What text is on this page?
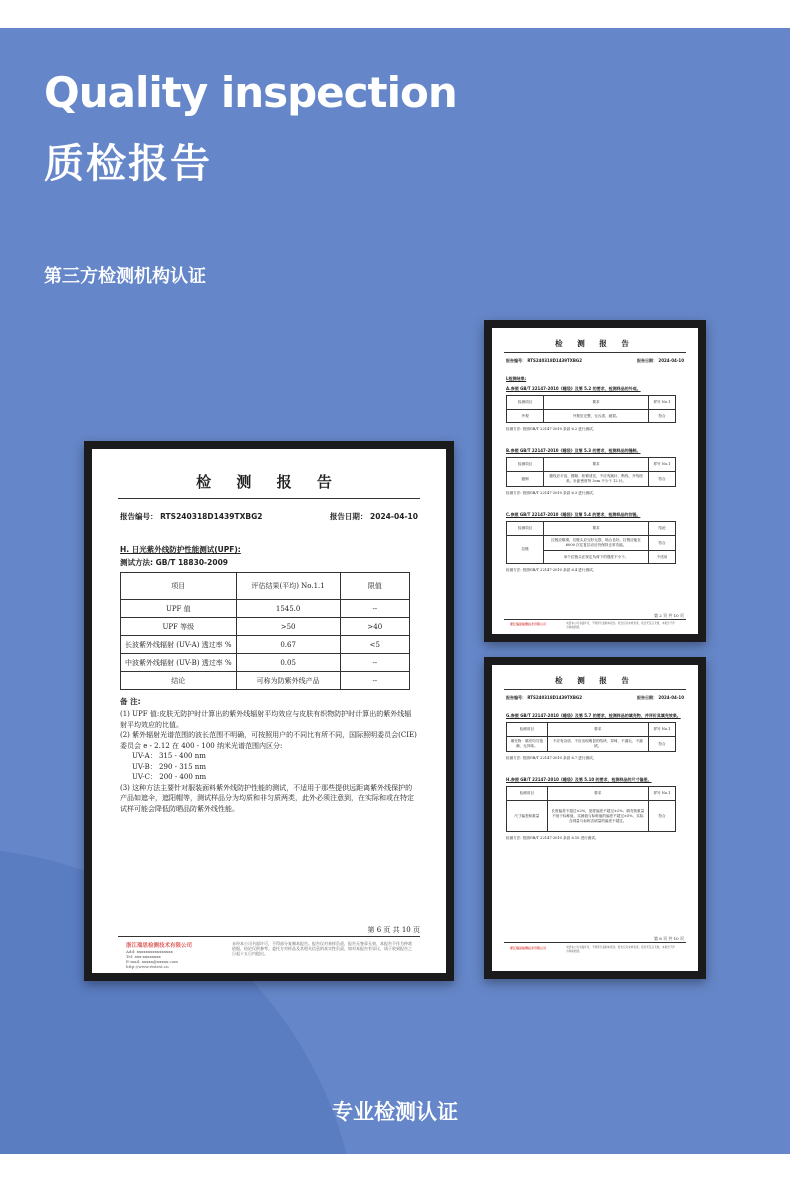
Quality inspection
质检报告
第三方检测机构认证
检 测 报 告
报告编号： RTS240318D1439TXBG2	报告日期： 2024-04-10
H. 日光紫外线防护性能测试(UPF):
测试方法: GB/T 18830-2009
项目	评估结果(平均) No.1.1	限值
UPF 值	1545.0	--
UPF 等级	>50	>40
长波紫外线辐射 (UV-A) 透过率 %	0.67	<5
中波紫外线辐射 (UV-B) 透过率 %	0.05	--
结论	可称为防紫外线产品	--
备 注:
(1) UPF 值:皮肤无防护时计算出的紫外线辐射平均效应与皮肤有织物防护时计算出的紫外线辐射平均效应的比值。
(2) 紫外辐射光谱范围的波长范围不明确，可按照用户的不同比有所不同，国际照明委员会(CIE)委员会 e - 2.12 在 400 - 100 纳米光谱范围内区分:
UV-A： 315 - 400 nm
UV-B： 290 - 315 nm
UV-C： 200 - 400 nm
(3) 这种方法主要针对服装面料紫外线防护性能的测试，不适用于那些提供远距离紫外线保护的产品如遮伞，遮阳帽等，测试样品分为均质和非匀质两类，此外必须注意到，在实际和或在特定试样可能会降低防晒品防紫外线性能。
第 6 页 共 10 页
浙江瑞思检测技术有限公司
Add: xxxxxxxxxxxxxxxx
Tel: xxx-xxxxxxxx
E-mail: xxxxx@xxxxx.com
http://www.rtstest.cn
未经本公司书面许可，不得部分复制本报告。报告仅对来样负责，报告无签章无效，本报告不作为仲裁依据，结论仅供参考。委托方对样品及其相关信息的真实性负责，如对本报告有异议，请于收到报告之日起十五日内提出。
检 测 报 告
报告编号： RTS240318D1439TXBG2	报告日期： 2024-04-10
L检测结果:
A.参照 GB/T 22147-2010《睡袋》及第 5.2 的要求，检测样品的外观。
检测项目	要求	样号 No.1
外观	外观应完整，无污渍、破损。	符合
检测方法: 按照GB/T 22147-2010 条款 6.2 进行测试。
B.参照 GB/T 22147-2010《睡袋》及第 5.3 的要求，检测样品的缝制。
检测项目	要求	样号 No.1
缝制	缝线应平直、圆顺、松紧适宜，不应有跳针、断线、开线现象。针距密度每 3cm 不少于 12 针。	符合
检测方法: 按照GB/T 22147-2010 条款 6.3 进行测试。
C.参照 GB/T 22147-2010《睡袋》及第 5.4 的要求，检测样品的拉链。
检测项目	要求	结论
拉链	拉链应顺滑，拉链头应完好无损、啮合良好。拉链应能在 6000 次往复拉动后仍保持正常功能。	符合
	单个拉链头在规定负荷下的强度不小于。	不适用
检测方法: 按照GB/T 22147-2010 条款 6.4 进行测试。
第 2 页 共 10 页
浙江瑞思检测技术有限公司	未经本公司书面许可，不得部分复制本报告。报告仅对来样负责，报告无签章无效，本报告不作为仲裁依据。
检 测 报 告
报告编号： RTS240318D1439TXBG2	报告日期： 2024-04-10
G.参照 GB/T 22147-2010《睡袋》及第 5.7 的要求，检测样品的填充物，并评价其填充效果。
检测项目	要求	样号 No.1
填充物：填充均匀饱满、无异味。	不应有杂质、不应出现明显的结块、异味、不漏毛、不漏绒。	符合
检测方法: 按照GB/T 22147-2010 条款 6.7 进行测试。
H.参照 GB/T 22147-2010《睡袋》及第 5.10 的要求，检测样品的尺寸偏差。
检测项目	要求	样号 No.1
尺寸偏差和重量	长度偏差不超过±2%，宽度偏差不超过±2%；填充物重量不低于标称值，实测值与标称值的偏差不超过±5%，实际含绒量与标称含绒量的偏差不超过。	符合
检测方法: 按照GB/T 22147-2010 条款 6.10 进行测试。
第 8 页 共 10 页
浙江瑞思检测技术有限公司	未经本公司书面许可，不得部分复制本报告。报告仅对来样负责，报告无签章无效，本报告不作为仲裁依据。
专业检测认证
